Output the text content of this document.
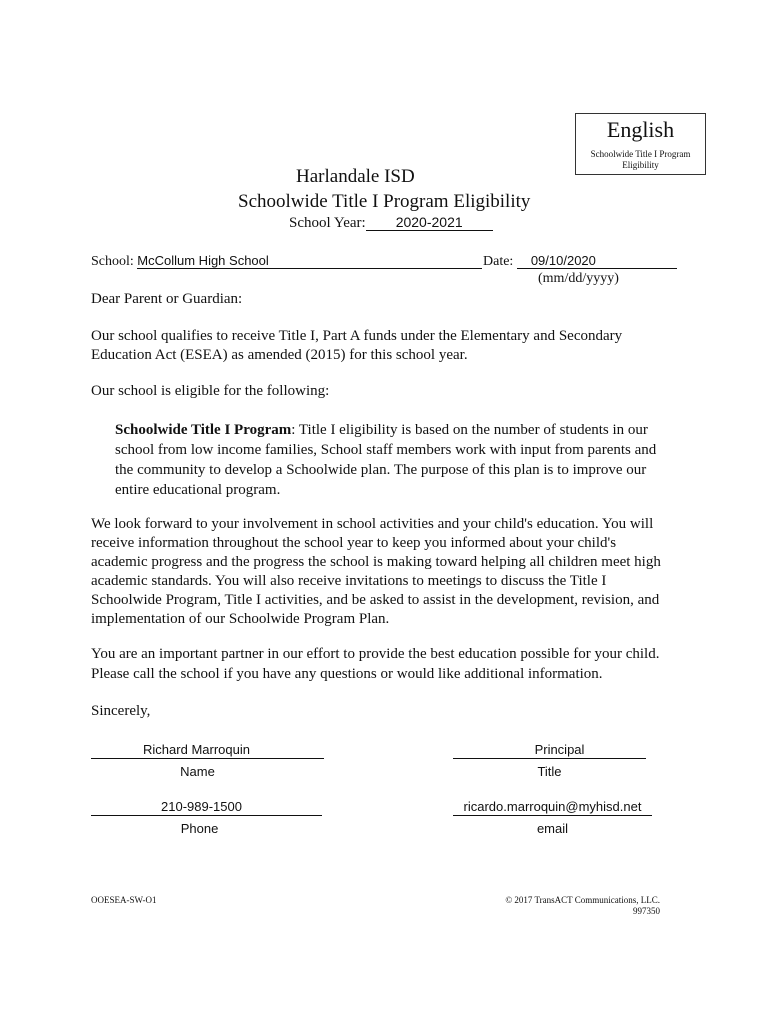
English
Schoolwide Title I Program
Eligibility
Harlandale ISD
Schoolwide Title I Program Eligibility
School Year: 2020-2021
School: McCollum High School	Date: 09/10/2020
(mm/dd/yyyy)
Dear Parent or Guardian:
Our school qualifies to receive Title I, Part A funds under the Elementary and Secondary
Education Act (ESEA) as amended (2015) for this school year.
Our school is eligible for the following:
Schoolwide Title I Program: Title I eligibility is based on the number of students in our
school from low income families, School staff members work with input from parents and
the community to develop a Schoolwide plan. The purpose of this plan is to improve our
entire educational program.
We look forward to your involvement in school activities and your child's education. You will
receive information throughout the school year to keep you informed about your child's
academic progress and the progress the school is making toward helping all children meet high
academic standards. You will also receive invitations to meetings to discuss the Title I
Schoolwide Program, Title I activities, and be asked to assist in the development, revision, and
implementation of our Schoolwide Program Plan.
You are an important partner in our effort to provide the best education possible for your child.
Please call the school if you have any questions or would like additional information.
Sincerely,
Richard Marroquin
Name
Principal
Title
210-989-1500
Phone
ricardo.marroquin@myhisd.net
email
OOESEA-SW-O1	© 2017 TransACT Communications, LLC.
997350
